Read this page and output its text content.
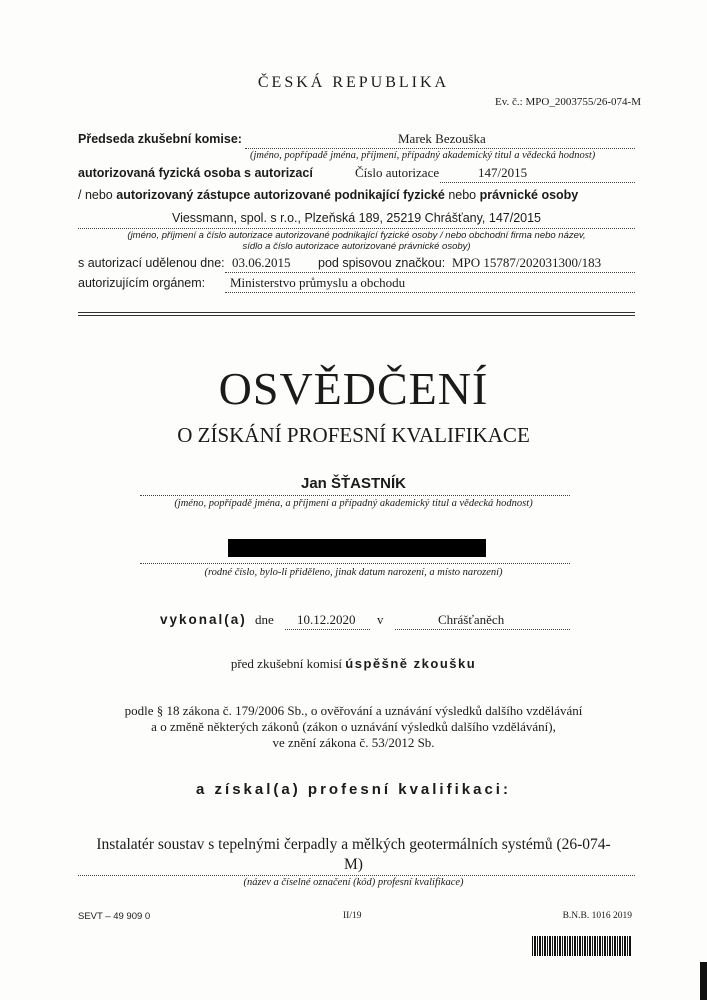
ČESKÁ REPUBLIKA
Ev. č.: MPO_2003755/26-074-M
Předseda zkušební komise:	Marek Bezouška
(jméno, popřípadě jména, příjmení, případný akademický titul a vědecká hodnost)
autorizovaná fyzická osoba s autorizací	Číslo autorizace	147/2015
/ nebo autorizovaný zástupce autorizované podnikající fyzické nebo právnické osoby
Viessmann, spol. s r.o., Plzeňská 189, 25219 Chrášťany, 147/2015
(jméno, příjmení a číslo autorizace autorizované podnikající fyzické osoby / nebo obchodní firma nebo název,
sídlo a číslo autorizace autorizované právnické osoby)
s autorizací udělenou dne: 03.06.2015 pod spisovou značkou: MPO 15787/202031300/183
autorizujícím orgánem: Ministerstvo průmyslu a obchodu
OSVĚDČENÍ
O ZÍSKÁNÍ PROFESNÍ KVALIFIKACE
Jan ŠŤASTNÍK
(jméno, popřípadě jména, a příjmení a případný akademický titul a vědecká hodnost)
(rodné číslo, bylo-li přiděleno, jinak datum narození, a místo narození)
vykonal(a) dne 10.12.2020 v	Chrášťaněch
před zkušební komisí úspěšně zkoušku
podle § 18 zákona č. 179/2006 Sb., o ověřování a uznávání výsledků dalšího vzdělávání
a o změně některých zákonů (zákon o uznávání výsledků dalšího vzdělávání),
ve znění zákona č. 53/2012 Sb.
a získal(a) profesní kvalifikaci:
Instalatér soustav s tepelnými čerpadly a mělkých geotermálních systémů (26-074-
M)
(název a číselné označení (kód) profesní kvalifikace)
SEVT – 49 909 0	II/19	B.N.B. 1016 2019
